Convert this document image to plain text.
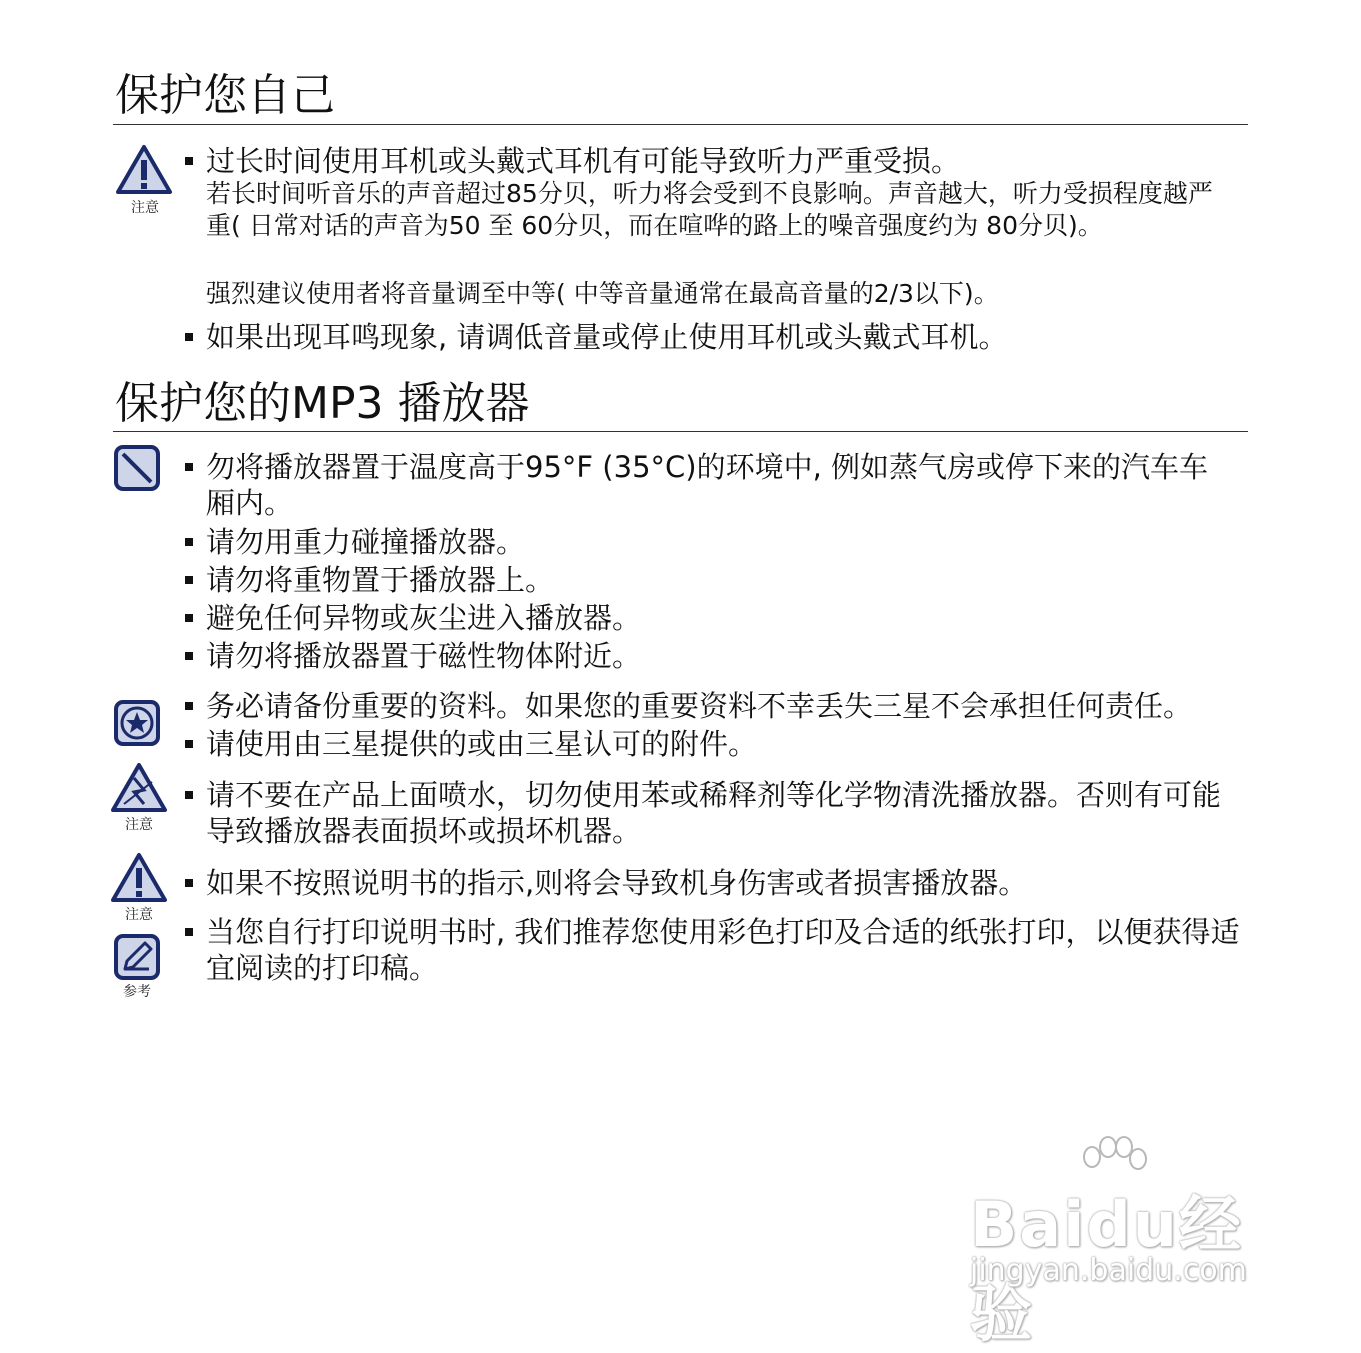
保护您自己
注意
过长时间使用耳机或头戴式耳机有可能导致听力严重受损。
若长时间听音乐的声音超过85分贝，听力将会受到不良影响。声音越大，听力受损程度越严重( 日常对话的声音为50 至 60分贝，而在喧哗的路上的噪音强度约为 80分贝)。
强烈建议使用者将音量调至中等( 中等音量通常在最高音量的2/3以下)。
如果出现耳鸣现象, 请调低音量或停止使用耳机或头戴式耳机。
保护您的MP3 播放器
勿将播放器置于温度高于95°F (35°C)的环境中, 例如蒸气房或停下来的汽车车厢内。
请勿用重力碰撞播放器。
请勿将重物置于播放器上。
避免任何异物或灰尘进入播放器。
请勿将播放器置于磁性物体附近。
务必请备份重要的资料。如果您的重要资料不幸丢失三星不会承担任何责任。
请使用由三星提供的或由三星认可的附件。
注意
请不要在产品上面喷水，切勿使用苯或稀释剂等化学物清洗播放器。否则有可能导致播放器表面损坏或损坏机器。
注意
如果不按照说明书的指示,则将会导致机身伤害或者损害播放器。
参考
当您自行打印说明书时, 我们推荐您使用彩色打印及合适的纸张打印，以便获得适宜阅读的打印稿。
Baidu经验
jingyan.baidu.com
